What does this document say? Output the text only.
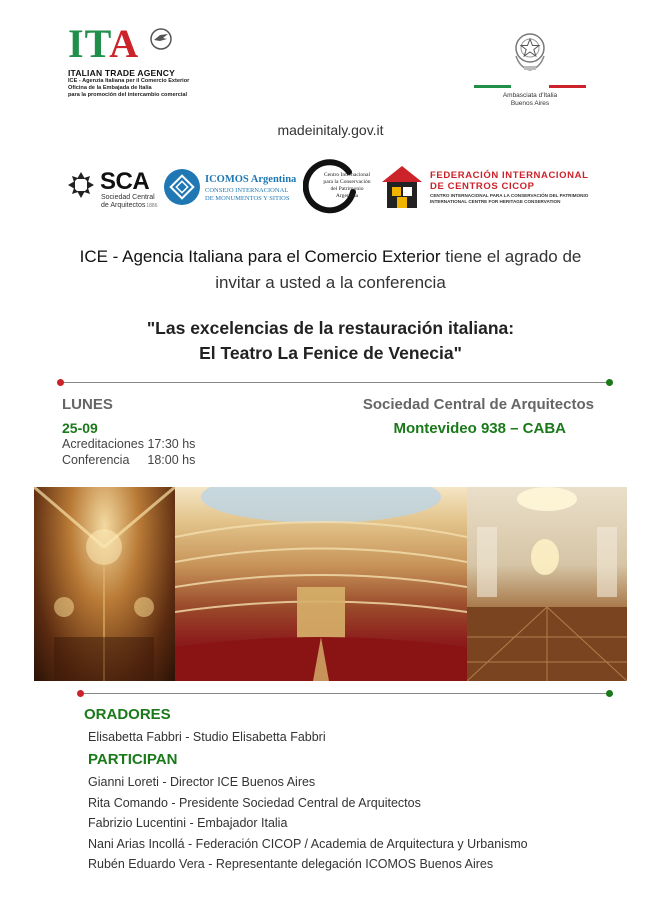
ITA
ITALIAN TRADE AGENCY
ICE - Agenzia Italiana per il Comercio Exterior
Oficina de la Embajada de Italia
para la promoción del intercambio comercial	Ambasciata d'Italia
Buenos Aires
madeinitaly.gov.it
SCA
Sociedad Central
de Arquitectos1886
ICOMOS Argentina
CONSEJO INTERNACIONAL
DE MONUMENTOS Y SITIOS
Centro Internacional
para la Conservación
del Patrimonio
Argentina
FEDERACIÓN INTERNACIONAL
DE CENTROS CICOP
CENTRO INTERNACIONAL PARA LA CONSERVACIÓN DEL PATRIMONIO
INTERNATIONAL CENTRE FOR HERITAGE CONSERVATION
ICE - Agencia Italiana para el Comercio Exterior tiene el agrado de
invitar a usted a la conferencia
"Las excelencias de la restauración italiana:
El Teatro La Fenice de Venecia"
LUNES
25-09
Acreditaciones 17:30 hs
Conferencia 18:00 hs
Sociedad Central de Arquitectos
Montevideo 938 – CABA
ORADORES
Elisabetta Fabbri - Studio Elisabetta Fabbri
PARTICIPAN
Gianni Loreti - Director ICE Buenos Aires
Rita Comando - Presidente Sociedad Central de Arquitectos
Fabrizio Lucentini - Embajador Italia
Nani Arias Incollá - Federación CICOP / Academia de Arquitectura y Urbanismo
Rubén Eduardo Vera - Representante delegación ICOMOS Buenos Aires
